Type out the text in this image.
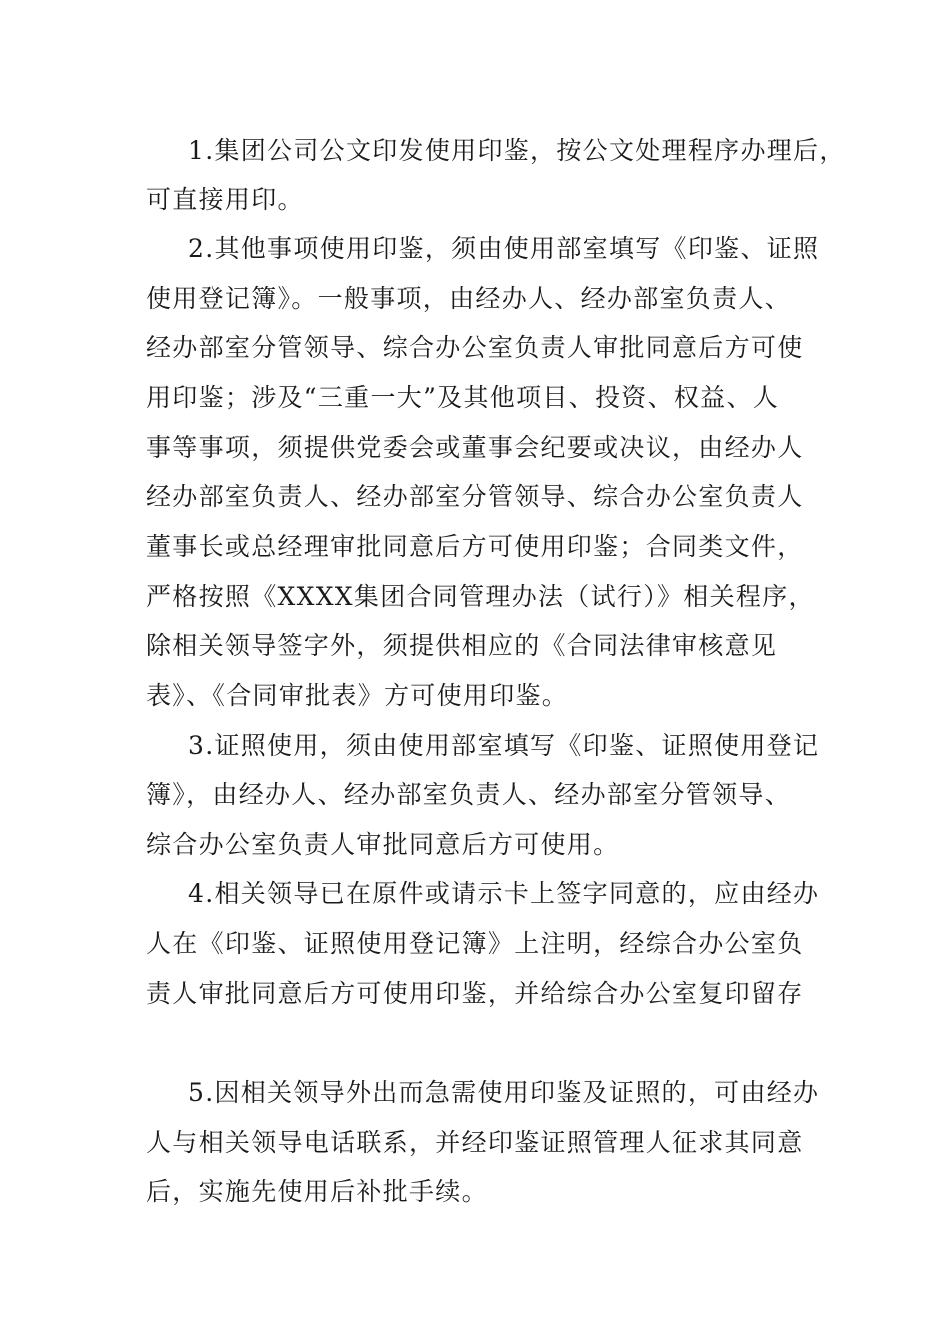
1.集团公司公文印发使用印鉴，按公文处理程序办理后，
可直接用印。
2.其他事项使用印鉴，须由使用部室填写《印鉴、证照
使用登记簿》。一般事项，由经办人、经办部室负责人、
经办部室分管领导、综合办公室负责人审批同意后方可使
用印鉴；涉及“三重一大”及其他项目、投资、权益、人
事等事项，须提供党委会或董事会纪要或决议，由经办人
经办部室负责人、经办部室分管领导、综合办公室负责人
董事长或总经理审批同意后方可使用印鉴；合同类文件，
严格按照《XXXX集团合同管理办法（试行）》相关程序，
除相关领导签字外，须提供相应的《合同法律审核意见
表》、《合同审批表》方可使用印鉴。
3.证照使用，须由使用部室填写《印鉴、证照使用登记
簿》，由经办人、经办部室负责人、经办部室分管领导、
综合办公室负责人审批同意后方可使用。
4.相关领导已在原件或请示卡上签字同意的，应由经办
人在《印鉴、证照使用登记簿》上注明，经综合办公室负
责人审批同意后方可使用印鉴，并给综合办公室复印留存
5.因相关领导外出而急需使用印鉴及证照的，可由经办
人与相关领导电话联系，并经印鉴证照管理人征求其同意
后，实施先使用后补批手续。
